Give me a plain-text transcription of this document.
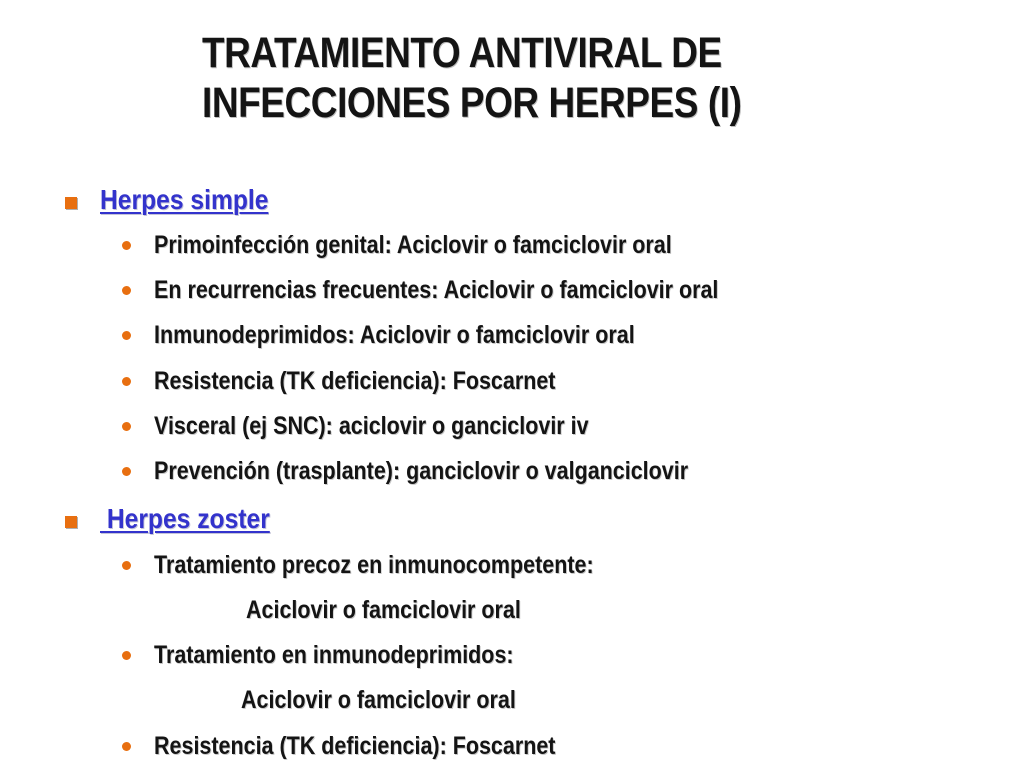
TRATAMIENTO ANTIVIRAL DE
INFECCIONES POR HERPES (I)
Herpes simple
Primoinfección genital: Aciclovir o famciclovir oral
En recurrencias frecuentes: Aciclovir o famciclovir oral
Inmunodeprimidos: Aciclovir o famciclovir oral
Resistencia (TK deficiencia): Foscarnet
Visceral (ej SNC): aciclovir o ganciclovir iv
Prevención (trasplante): ganciclovir o valganciclovir
Herpes zoster
Tratamiento precoz en inmunocompetente:
Aciclovir o famciclovir oral
Tratamiento en inmunodeprimidos:
Aciclovir o famciclovir oral
Resistencia (TK deficiencia): Foscarnet
